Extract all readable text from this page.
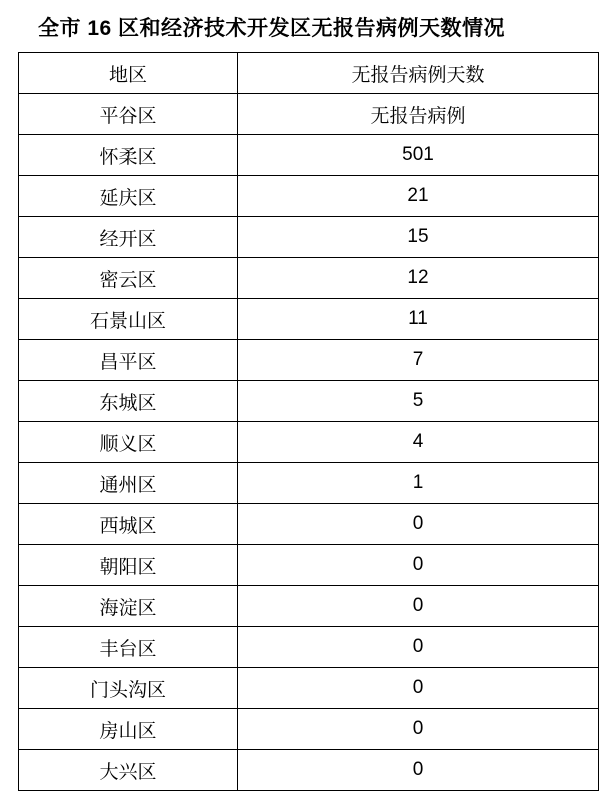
全市 16 区和经济技术开发区无报告病例天数情况
地区	无报告病例天数
平谷区	无报告病例
怀柔区	501
延庆区	21
经开区	15
密云区	12
石景山区	11
昌平区	7
东城区	5
顺义区	4
通州区	1
西城区	0
朝阳区	0
海淀区	0
丰台区	0
门头沟区	0
房山区	0
大兴区	0
